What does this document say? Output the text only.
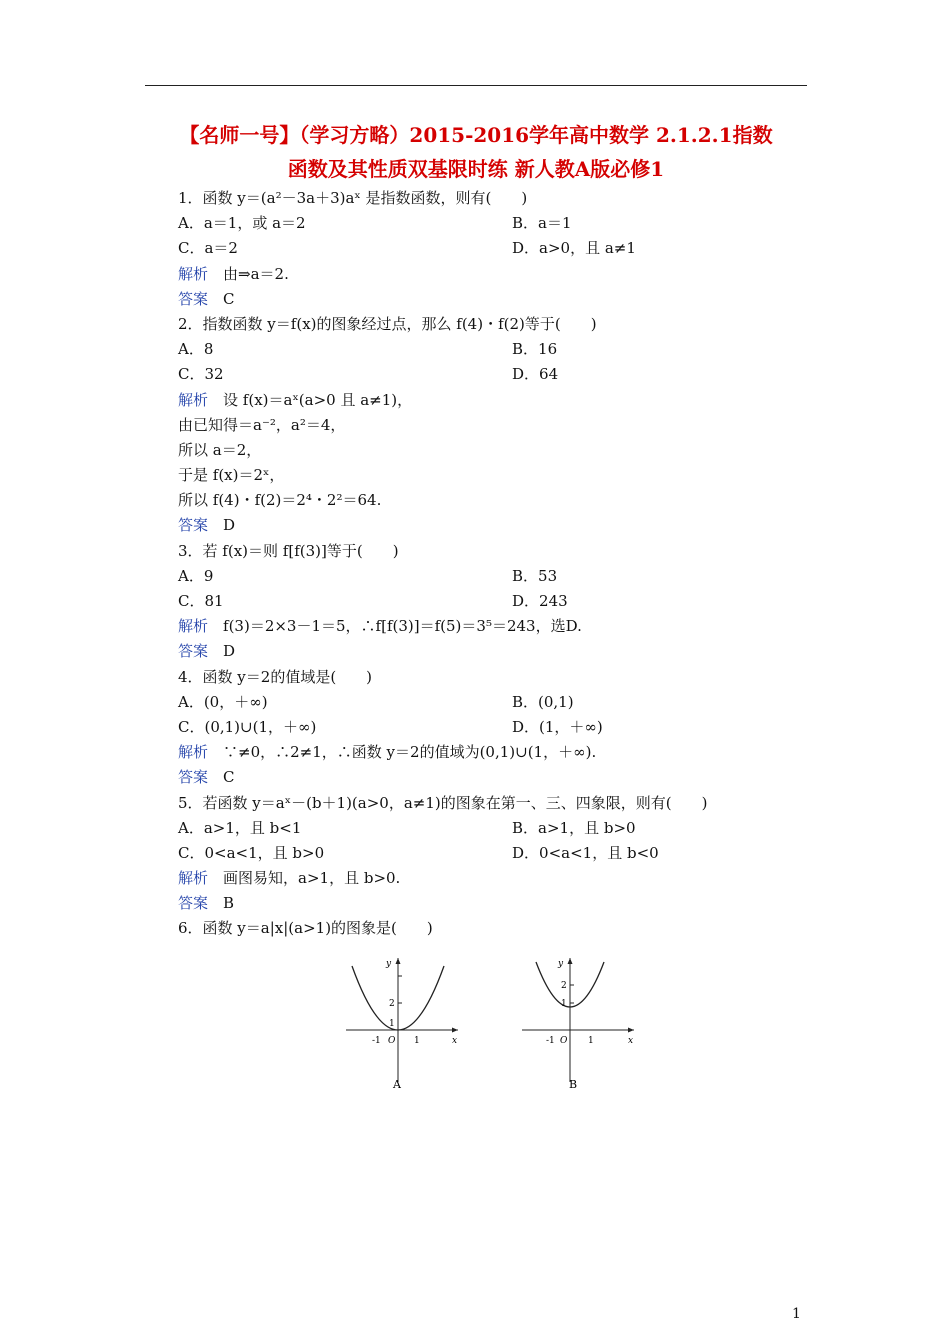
【名师一号】（学习方略）2015-2016学年高中数学 2.1.2.1指数
函数及其性质双基限时练 新人教A版必修1
1．函数 y＝(a²－3a＋3)aˣ 是指数函数，则有(　　)
A．a＝1，或 a＝2	B．a＝1
C．a＝2	D．a>0，且 a≠1
解析　由⇒a＝2.
答案　C
2．指数函数 y＝f(x)的图象经过点，那么 f(4)・f(2)等于(　　)
A．8	B．16
C．32	D．64
解析　设 f(x)＝aˣ(a>0 且 a≠1)，
由已知得＝a⁻²，a²＝4，
所以 a＝2，
于是 f(x)＝2ˣ，
所以 f(4)・f(2)＝2⁴・2²＝64.
答案　D
3．若 f(x)＝则 f[f(3)]等于(　　)
A．9	B．53
C．81	D．243
解析　f(3)＝2×3－1＝5，∴f[f(3)]＝f(5)＝3⁵＝243，选D.
答案　D
4．函数 y＝2的值域是(　　)
A．(0，＋∞)	B．(0,1)
C．(0,1)∪(1，＋∞)	D．(1，＋∞)
解析　∵≠0，∴2≠1，∴函数 y＝2的值域为(0,1)∪(1，＋∞).
答案　C
5．若函数 y＝aˣ－(b＋1)(a>0，a≠1)的图象在第一、三、四象限，则有(　　)
A．a>1，且 b<1	B．a>1，且 b>0
C．0<a<1，且 b>0	D．0<a<1，且 b<0
解析　画图易知，a>1，且 b>0.
答案　B
6．函数 y＝a|x|(a>1)的图象是(　　)
y
x
O
-1	1
1
2
A
y
x
O
-1	1
1
2
B
1
